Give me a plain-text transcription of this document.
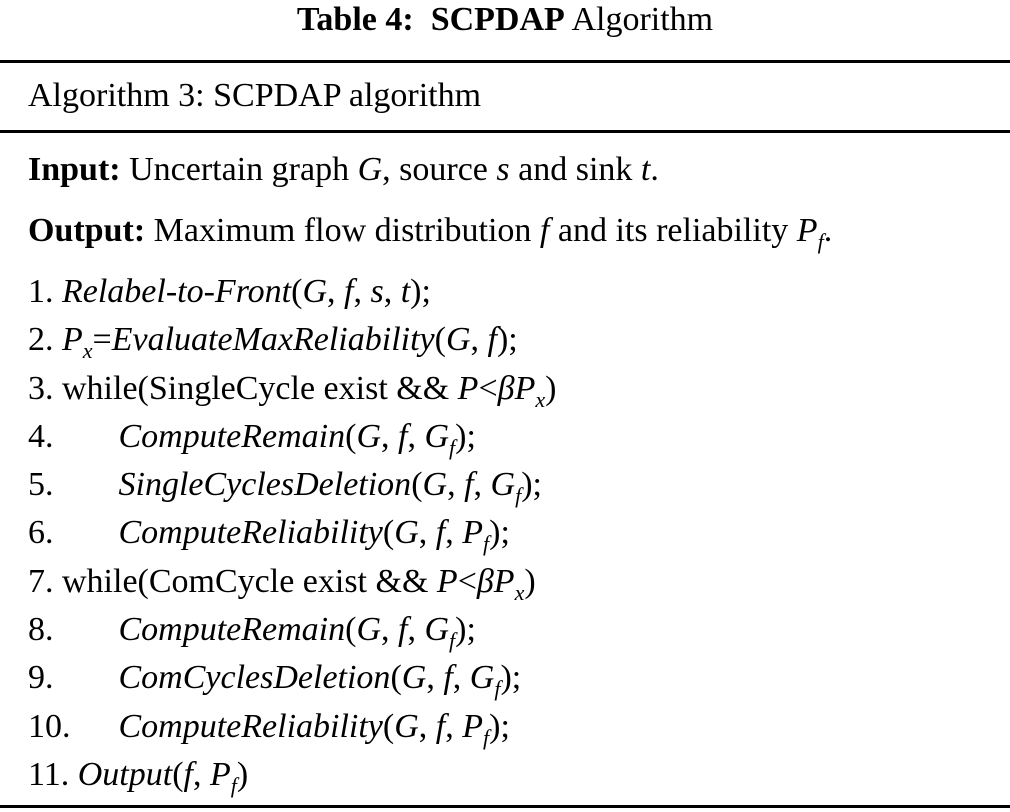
Table 4: SCPDAP Algorithm
Algorithm 3: SCPDAP algorithm
Input: Uncertain graph G, source s and sink t.
Output: Maximum flow distribution f and its reliability $P_f$.
1. Relabel-to-Front(G, f, s, t);
2. $P_x=EvaluateMaxReliability(G$, f);
3. while(SingleCycle exist && $P<\beta P_x$)
4. ComputeRemain(G, f, $G_f$);
5. SingleCyclesDeletion(G, f, $G_f$);
6. ComputeReliability(G, f, $P_f$);
7. while(ComCycle exist && $P<\beta P_x$)
8. ComputeRemain(G, f, $G_f$);
9. ComCyclesDeletion(G, f, $G_f$);
10. ComputeReliability(G, f, $P_f$);
11. Output(f, $P_f$)
